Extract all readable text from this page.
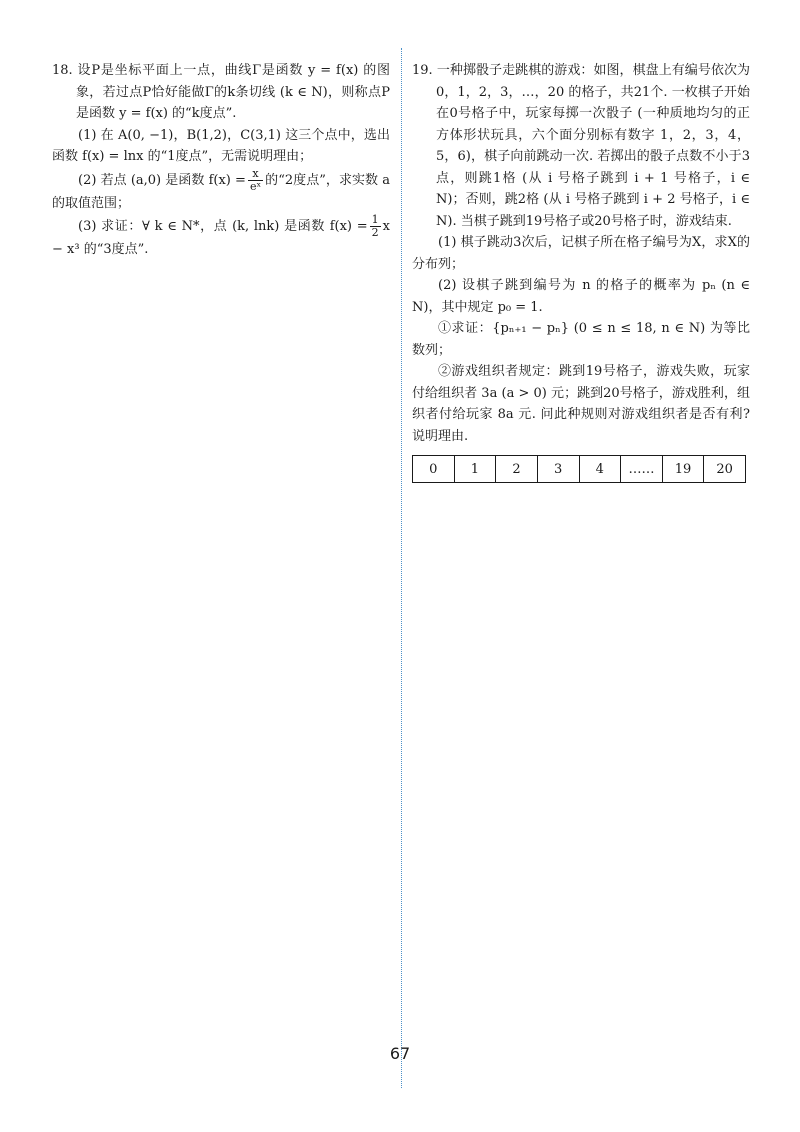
18. 设P是坐标平面上一点，曲线Γ是函数 y = f(x) 的图象，若过点P恰好能做Γ的k条切线 (k ∈ N)，则称点P是函数 y = f(x) 的“k度点”.

(1) 在 A(0, −1)，B(1,2)，C(3,1) 这三个点中，选出函数 f(x) = lnx 的“1度点”，无需说明理由；

(2) 若点 (a,0) 是函数 $f(x) = \frac{x}{\text{eˣ}}$ 的“2度点”，求实数 a 的取值范围；

(3) 求证：∀ k ∈ N*，点 (k, lnk) 是函数 $f(x) = \frac{1}{2}$ x − x³ 的“3度点”.

19. 一种掷骰子走跳棋的游戏：如图，棋盘上有编号依次为 0，1，2，3，…，20 的格子，共21个. 一枚棋子开始在0号格子中，玩家每掷一次骰子 (一种质地均匀的正方体形状玩具，六个面分别标有数字 1，2，3，4，5，6)，棋子向前跳动一次. 若掷出的骰子点数不小于3点，则跳1格 (从 i 号格子跳到 i + 1 号格子，i ∈ N)；否则，跳2格 (从 i 号格子跳到 i + 2 号格子，i ∈ N). 当棋子跳到19号格子或20号格子时，游戏结束.

(1) 棋子跳动3次后，记棋子所在格子编号为X，求X的分布列；

(2) 设棋子跳到编号为 n 的格子的概率为 pₙ (n ∈ N)，其中规定 p₀ = 1.

①求证：{pₙ₊₁ − pₙ} (0 ≤ n ≤ 18, n ∈ N) 为等比数列；

②游戏组织者规定：跳到19号格子，游戏失败，玩家付给组织者 3a (a > 0) 元；跳到20号格子，游戏胜利，组织者付给玩家 8a 元. 问此种规则对游戏组织者是否有利? 说明理由.

0	1	2	3	4	……	19	20
67
